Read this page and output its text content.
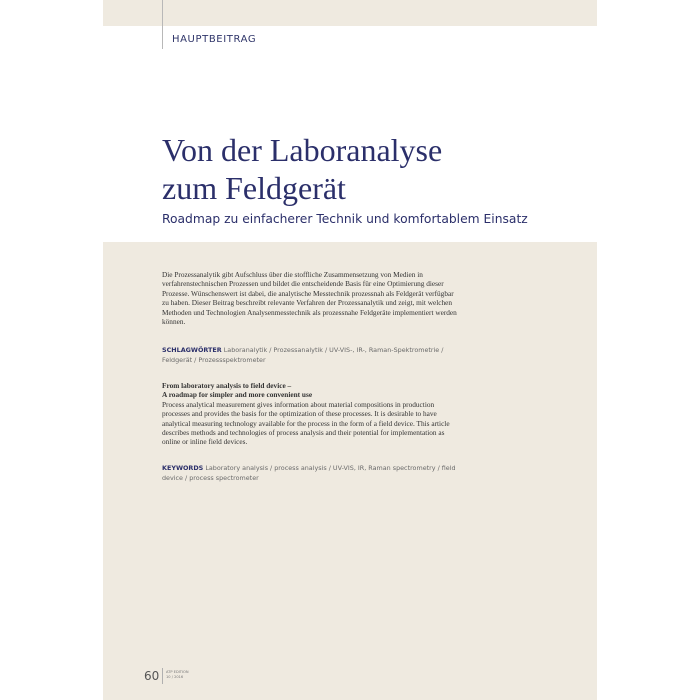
HAUPTBEITRAG
Von der Laboranalyse
zum Feldgerät
Roadmap zu einfacherer Technik und komfortablem Einsatz

Die Prozessanalytik gibt Aufschluss über die stoffliche Zusammensetzung von Medien in verfahrenstechnischen Prozessen und bildet die entscheidende Basis für eine Optimierung dieser Prozesse. Wünschenswert ist dabei, die analytische Messtechnik prozessnah als Feldgerät verfügbar zu haben. Dieser Beitrag beschreibt relevante Verfahren der Prozessanalytik und zeigt, mit welchen Methoden und Technologien Analysenmesstechnik als prozessnahe Feldgeräte implementiert werden können.

SCHLAGWÖRTER Laboranalytik / Prozessanalytik / UV-VIS-, IR-, Raman-Spektrometrie / Feldgerät / Prozessspektrometer
From laboratory analysis to field device –
A roadmap for simpler and more convenient use

Process analytical measurement gives information about material compositions in production processes and provides the basis for the optimization of these processes. It is desirable to have analytical measuring technology available for the process in the form of a field device. This article describes methods and technologies of process analysis and their potential for implementation as online or inline field devices.

KEYWORDS Laboratory analysis / process analysis / UV-VIS, IR, Raman spectrometry / field device / process spectrometer
60 ATP EDITION
10 / 2016
